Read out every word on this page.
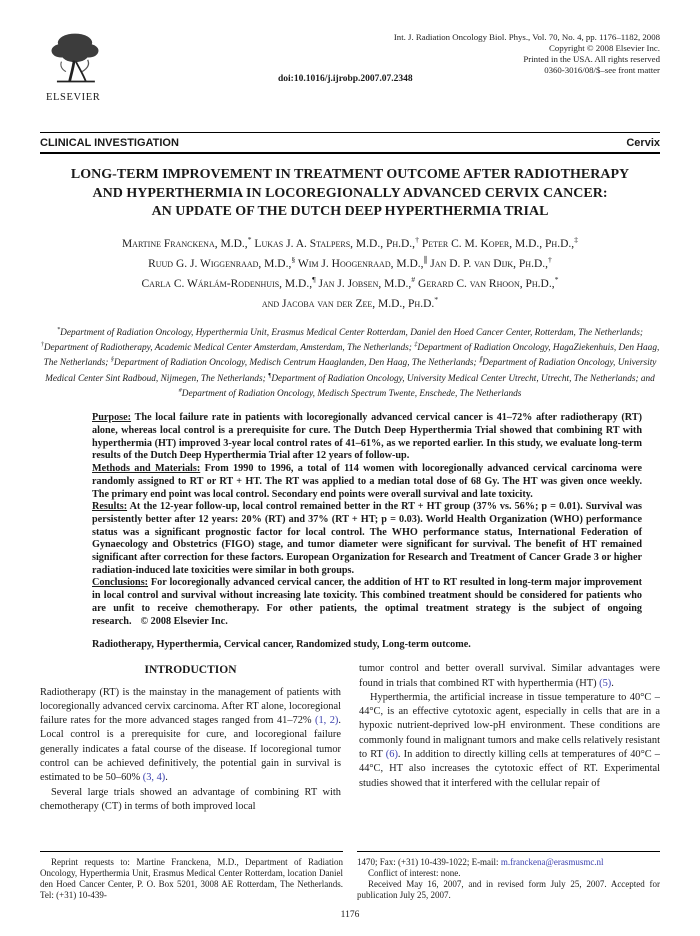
ELSEVIER
Int. J. Radiation Oncology Biol. Phys., Vol. 70, No. 4, pp. 1176–1182, 2008
Copyright © 2008 Elsevier Inc.
Printed in the USA. All rights reserved
0360-3016/08/$–see front matter
doi:10.1016/j.ijrobp.2007.07.2348
CLINICAL INVESTIGATION	Cervix
LONG-TERM IMPROVEMENT IN TREATMENT OUTCOME AFTER RADIOTHERAPY
AND HYPERTHERMIA IN LOCOREGIONALLY ADVANCED CERVIX CANCER:
AN UPDATE OF THE DUTCH DEEP HYPERTHERMIA TRIAL
Martine Franckena, M.D.,* Lukas J. A. Stalpers, M.D., Ph.D.,† Peter C. M. Koper, M.D., Ph.D.,‡
Ruud G. J. Wiggenraad, M.D.,§ Wim J. Hoogenraad, M.D.,∥ Jan D. P. van Dijk, Ph.D.,†
Carla C. Wárlám-Rodenhuis, M.D.,¶ Jan J. Jobsen, M.D.,# Gerard C. van Rhoon, Ph.D.,*
and Jacoba van der Zee, M.D., Ph.D.*
*Department of Radiation Oncology, Hyperthermia Unit, Erasmus Medical Center Rotterdam, Daniel den Hoed Cancer Center, Rotterdam, The Netherlands; †Department of Radiotherapy, Academic Medical Center Amsterdam, Amsterdam, The Netherlands; ‡Department of Radiation Oncology, HagaZiekenhuis, Den Haag, The Netherlands; §Department of Radiation Oncology, Medisch Centrum Haaglanden, Den Haag, The Netherlands; ∥Department of Radiation Oncology, University Medical Center Sint Radboud, Nijmegen, The Netherlands; ¶Department of Radiation Oncology, University Medical Center Utrecht, Utrecht, The Netherlands; and #Department of Radiation Oncology, Medisch Spectrum Twente, Enschede, The Netherlands

Purpose: The local failure rate in patients with locoregionally advanced cervical cancer is 41–72% after radiotherapy (RT) alone, whereas local control is a prerequisite for cure. The Dutch Deep Hyperthermia Trial showed that combining RT with hyperthermia (HT) improved 3-year local control rates of 41–61%, as we reported earlier. In this study, we evaluate long-term results of the Dutch Deep Hyperthermia Trial after 12 years of follow-up.

Methods and Materials: From 1990 to 1996, a total of 114 women with locoregionally advanced cervical carcinoma were randomly assigned to RT or RT + HT. The RT was applied to a median total dose of 68 Gy. The HT was given once weekly. The primary end point was local control. Secondary end points were overall survival and late toxicity.

Results: At the 12-year follow-up, local control remained better in the RT + HT group (37% vs. 56%; p = 0.01). Survival was persistently better after 12 years: 20% (RT) and 37% (RT + HT; p = 0.03). World Health Organization (WHO) performance status was a significant prognostic factor for local control. The WHO performance status, International Federation of Gynaecology and Obstetrics (FIGO) stage, and tumor diameter were significant for survival. The benefit of HT remained significant after correction for these factors. European Organization for Research and Treatment of Cancer Grade 3 or higher radiation-induced late toxicities were similar in both groups.

Conclusions: For locoregionally advanced cervical cancer, the addition of HT to RT resulted in long-term major improvement in local control and survival without increasing late toxicity. This combined treatment should be considered for patients who are unfit to receive chemotherapy. For other patients, the optimal treatment strategy is the subject of ongoing research. © 2008 Elsevier Inc.

Radiotherapy, Hyperthermia, Cervical cancer, Randomized study, Long-term outcome.

INTRODUCTION

Radiotherapy (RT) is the mainstay in the management of patients with locoregionally advanced cervix carcinoma. After RT alone, locoregional failure rates for the more advanced stages ranged from 41–72% (1, 2). Local control is a prerequisite for cure, and locoregional failure generally indicates a fatal course of the disease. If locoregional tumor control can be achieved definitively, the potential gain in survival is estimated to be 50–60% (3, 4).

Several large trials showed an advantage of combining RT with chemotherapy (CT) in terms of both improved local

tumor control and better overall survival. Similar advantages were found in trials that combined RT with hyperthermia (HT) (5).

Hyperthermia, the artificial increase in tissue temperature to 40°C – 44°C, is an effective cytotoxic agent, especially in cells that are in a hypoxic nutrient-deprived low-pH environment. These conditions are commonly found in malignant tumors and make cells relatively resistant to RT (6). In addition to directly killing cells at temperatures of 40°C – 44°C, HT also increases the cytotoxic effect of RT. Experimental studies showed that it interfered with the cellular repair of

Reprint requests to: Martine Franckena, M.D., Department of Radiation Oncology, Hyperthermia Unit, Erasmus Medical Center Rotterdam, location Daniel den Hoed Cancer Center, P. O. Box 5201, 3008 AE Rotterdam, The Netherlands. Tel: (+31) 10-439-

1470; Fax: (+31) 10-439-1022; E-mail: m.franckena@erasmusmc.nl

Conflict of interest: none.

Received May 16, 2007, and in revised form July 25, 2007. Accepted for publication July 25, 2007.

1176
